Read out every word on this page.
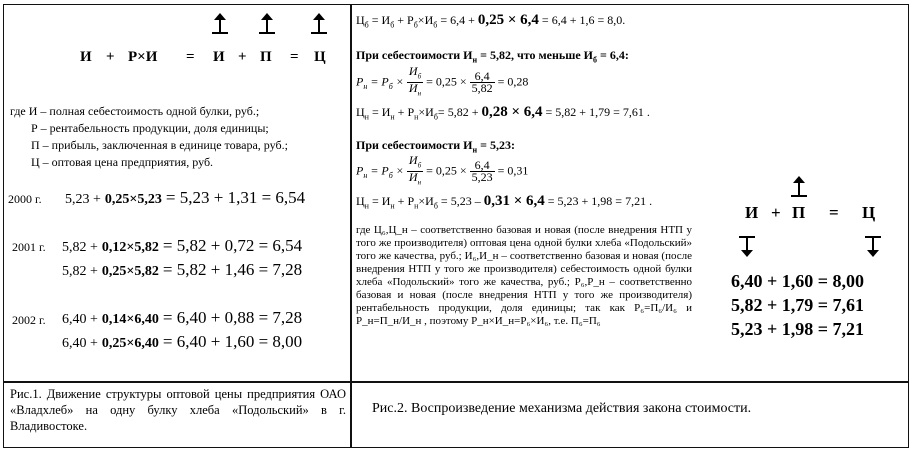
И + Р×И = И + П = Ц
где И – полная себестоимость одной булки, руб.;
Р – рентабельность продукции, доля единицы;
П – прибыль, заключенная в единице товара, руб.;
Ц – оптовая цена предприятия, руб.
2000 г. 5,23 + 0,25×5,23 = 5,23 + 1,31 = 6,54
2001 г. 5,82 + 0,12×5,82 = 5,82 + 0,72 = 6,54
5,82 + 0,25×5,82 = 5,82 + 1,46 = 7,28
2002 г. 6,40 + 0,14×6,40 = 6,40 + 0,88 = 7,28
6,40 + 0,25×6,40 = 6,40 + 1,60 = 8,00
Рис.1. Движение структуры оптовой цены предприятия ОАО «Владхлеб» на одну булку хлеба «Подольский» в г. Владивостоке.
$Ц_б = И_б + Р_б\times И_б = 6,4 + 0,25 \times 6,4 = 6,4 + 1,6 = 8,0$.
При себестоимости $И_н = 5,82$, что меньше $И_б = 6,4$:
$Р_н = Р_б \times \frac{И_б}{И_н} = 0,25 \times \frac{6,4}{5,82} = 0,28$
$Ц_н = И_н + Р_н\times И_б= 5,82 + 0,28 \times 6,4 = 5,82 + 1,79 = 7,61$ .
При себестоимости $И_н = 5,23$:
$Р_н = Р_б \times \frac{И_б}{И_н} = 0,25 \times \frac{6,4}{5,23} = 0,31$
$Ц_н = И_н + Р_н\times И_б = 5,23 - 0,31 \times 6,4 = 5,23 + 1,98 = 7,21$ .
где Ц₆,Ц_н – соответственно базовая и новая (после внедрения НТП у того же производителя) оптовая цена одной булки хлеба «Подольский» того же качества, руб.; И₆,И_н – соответственно базовая и новая (после внедрения НТП у того же производителя) себестоимость одной булки хлеба «Подольский» того же качества, руб.; Р₆,Р_н – соответственно базовая и новая (после внедрения НТП у того же производителя) рентабельность продукции, доля единицы; так как Р₆=П₆/И₆ и Р_н=П_н/И_н , поэтому Р_н×И_н=Р₆×И₆, т.е. П₆=П₆
Рис.2. Воспроизведение механизма действия закона стоимости.
И + П = Ц
6,40 + 1,60 = 8,00
5,82 + 1,79 = 7,61
5,23 + 1,98 = 7,21
